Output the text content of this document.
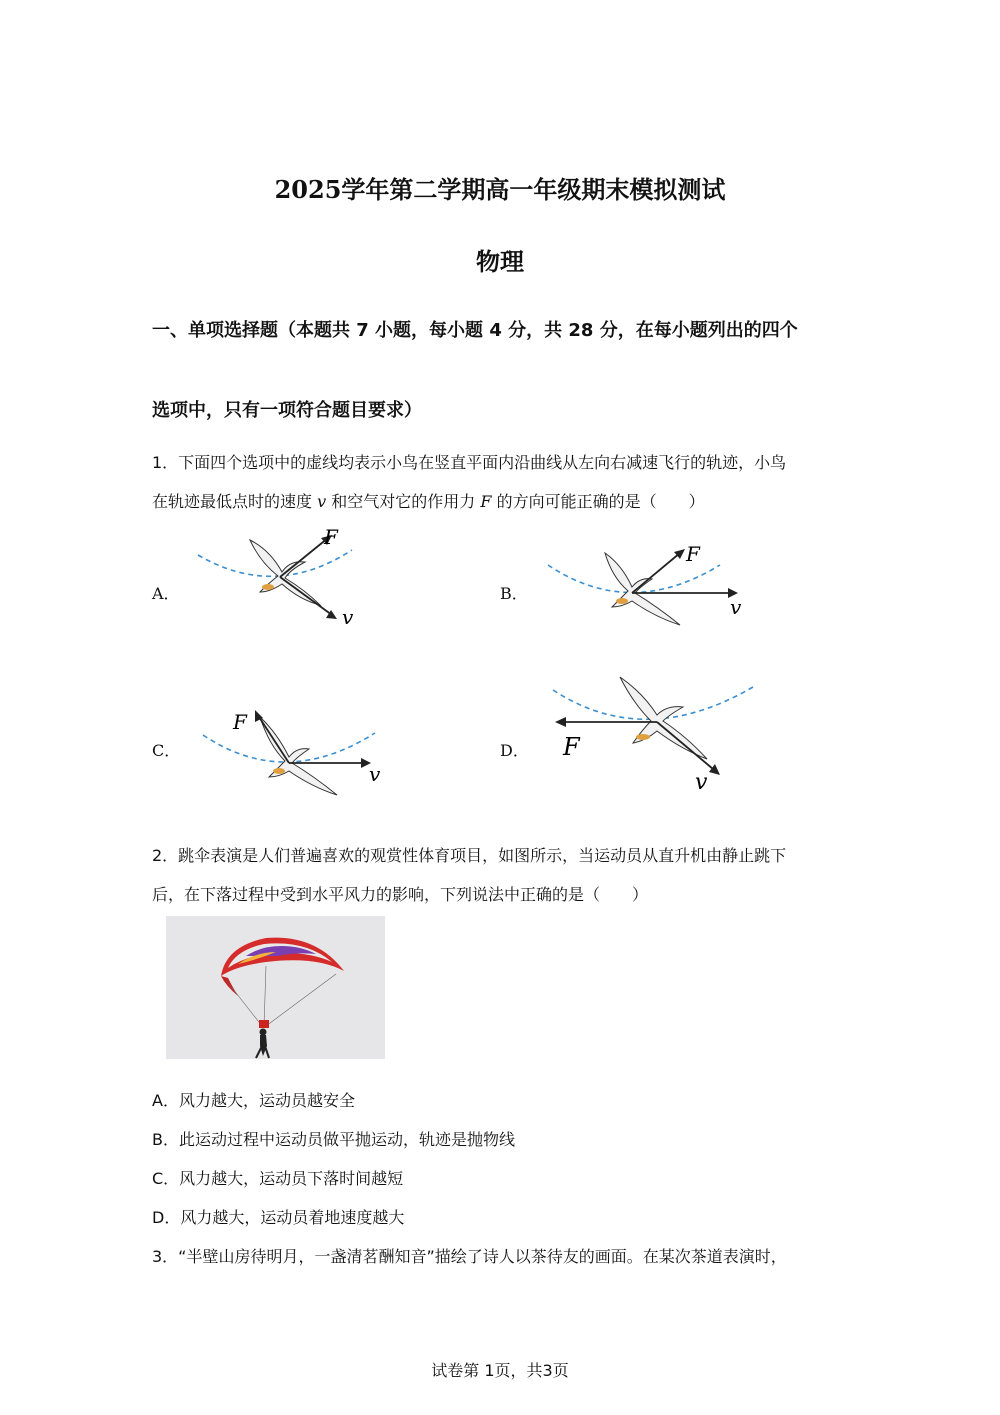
2025学年第二学期高一年级期末模拟测试
物理
一、单项选择题（本题共 7 小题，每小题 4 分，共 28 分，在每小题列出的四个
选项中，只有一项符合题目要求）
1．下面四个选项中的虚线均表示小鸟在竖直平面内沿曲线从左向右减速飞行的轨迹，小鸟
在轨迹最低点时的速度 v 和空气对它的作用力 F 的方向可能正确的是（　　）
A．
F
v
B．
F
v
C．
F
v
D． F
v
2．跳伞表演是人们普遍喜欢的观赏性体育项目，如图所示，当运动员从直升机由静止跳下
后，在下落过程中受到水平风力的影响，下列说法中正确的是（　　）
A．风力越大，运动员越安全
B．此运动过程中运动员做平抛运动，轨迹是抛物线
C．风力越大，运动员下落时间越短
D．风力越大，运动员着地速度越大
3．“半壁山房待明月，一盏清茗酬知音”描绘了诗人以茶待友的画面。在某次茶道表演时，
试卷第 1页，共3页
